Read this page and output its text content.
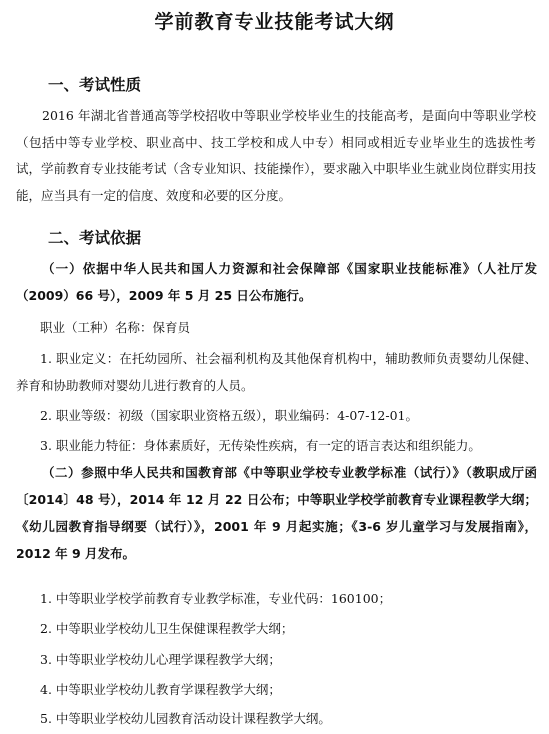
学前教育专业技能考试大纲
一、考试性质

2016 年湖北省普通高等学校招收中等职业学校毕业生的技能高考，是面向中等职业学校（包括中等专业学校、职业高中、技工学校和成人中专）相同或相近专业毕业生的选拔性考试，学前教育专业技能考试（含专业知识、技能操作），要求融入中职毕业生就业岗位群实用技能，应当具有一定的信度、效度和必要的区分度。

二、考试依据

（一）依据中华人民共和国人力资源和社会保障部《国家职业技能标准》（人社厅发（2009）66 号），2009 年 5 月 25 日公布施行。

职业（工种）名称：保育员

1. 职业定义：在托幼园所、社会福利机构及其他保育机构中，辅助教师负责婴幼儿保健、养育和协助教师对婴幼儿进行教育的人员。

2. 职业等级：初级（国家职业资格五级），职业编码：4-07-12-01。
3. 职业能力特征：身体素质好，无传染性疾病，有一定的语言表达和组织能力。

（二）参照中华人民共和国教育部《中等职业学校专业教学标准（试行）》（教职成厅函〔2014〕48 号），2014 年 12 月 22 日公布；中等职业学校学前教育专业课程教学大纲；《幼儿园教育指导纲要（试行）》，2001 年 9 月起实施；《3-6 岁儿童学习与发展指南》，2012 年 9 月发布。

1. 中等职业学校学前教育专业教学标准，专业代码：160100；
2. 中等职业学校幼儿卫生保健课程教学大纲；
3. 中等职业学校幼儿心理学课程教学大纲；
4. 中等职业学校幼儿教育学课程教学大纲；
5. 中等职业学校幼儿园教育活动设计课程教学大纲。
